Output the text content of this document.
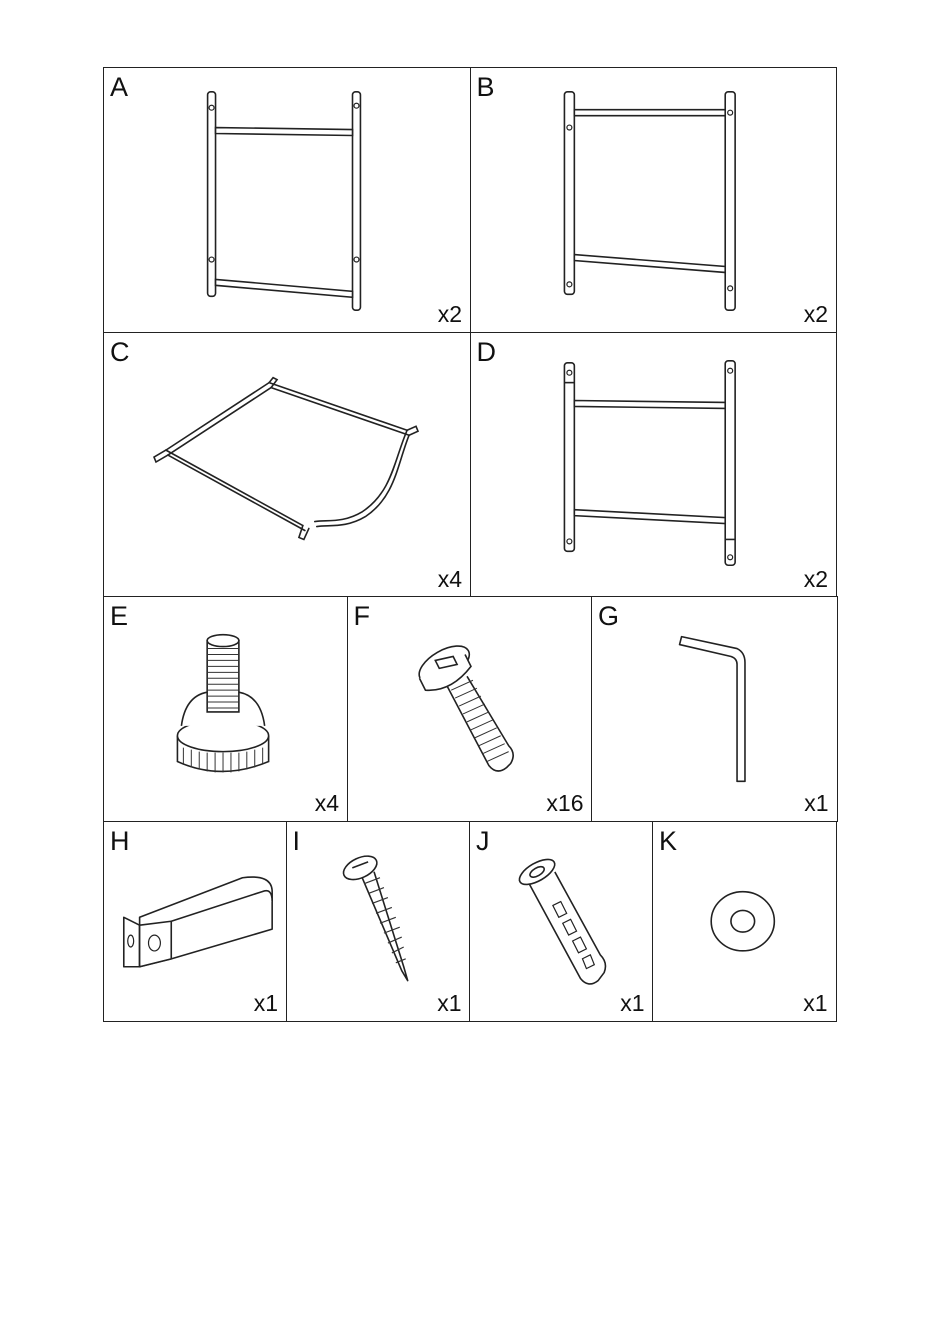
A
x2
B
x2
C
x4
D
x2
E
x4
F
x16
G
x1
H
x1
I
x1
J
x1
K
x1
